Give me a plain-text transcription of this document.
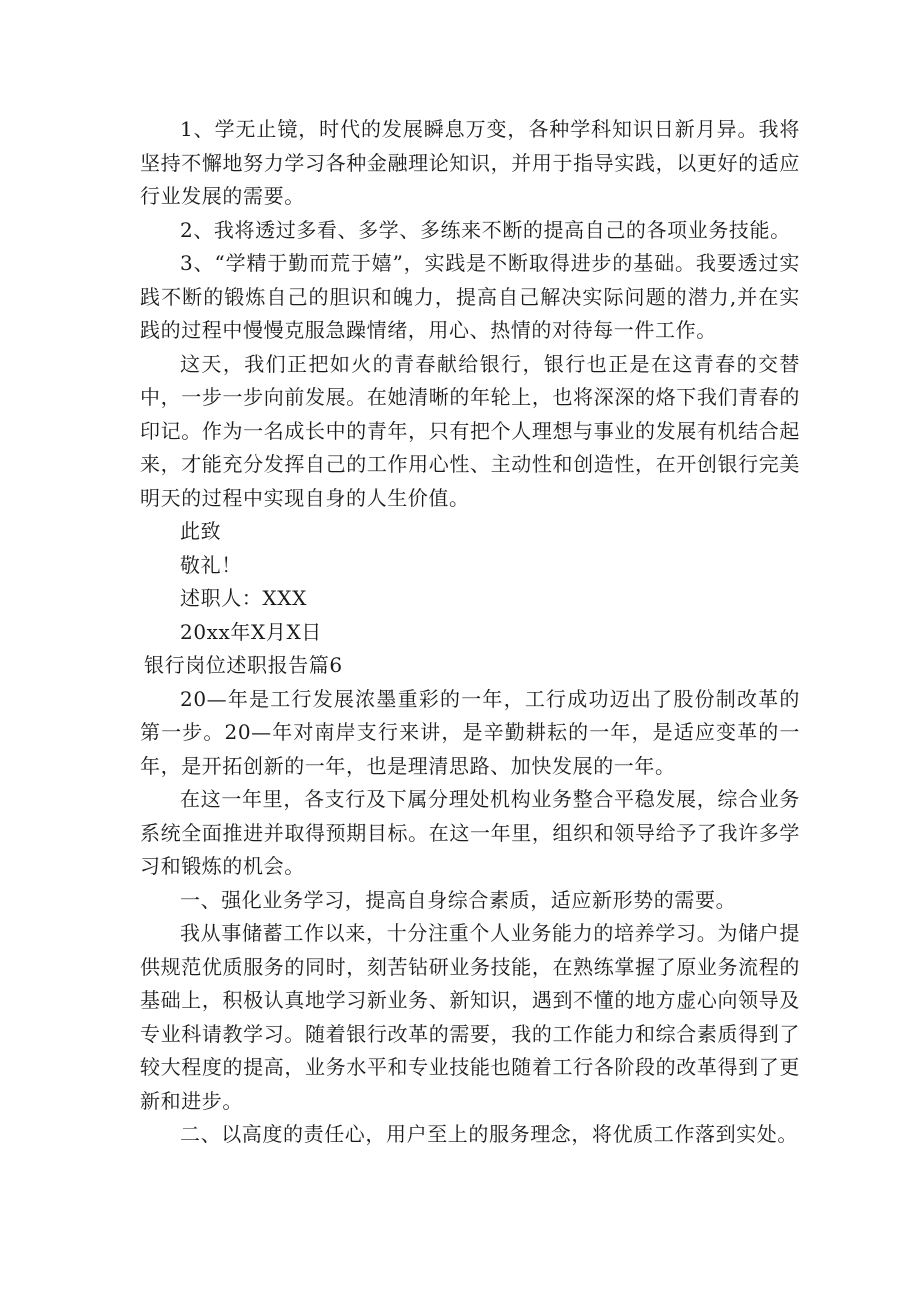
1、学无止镜，时代的发展瞬息万变，各种学科知识日新月异。我将坚持不懈地努力学习各种金融理论知识，并用于指导实践，以更好的适应行业发展的需要。

2、我将透过多看、多学、多练来不断的提高自己的各项业务技能。

3、“学精于勤而荒于嬉”，实践是不断取得进步的基础。我要透过实践不断的锻炼自己的胆识和魄力，提高自己解决实际问题的潜力,并在实践的过程中慢慢克服急躁情绪，用心、热情的对待每一件工作。

这天，我们正把如火的青春献给银行，银行也正是在这青春的交替中，一步一步向前发展。在她清晰的年轮上，也将深深的烙下我们青春的印记。作为一名成长中的青年，只有把个人理想与事业的发展有机结合起来，才能充分发挥自己的工作用心性、主动性和创造性，在开创银行完美明天的过程中实现自身的人生价值。

此致

敬礼！

述职人：XXX

20xx年X月X日

银行岗位述职报告篇6

20—年是工行发展浓墨重彩的一年，工行成功迈出了股份制改革的第一步。20—年对南岸支行来讲，是辛勤耕耘的一年，是适应变革的一年，是开拓创新的一年，也是理清思路、加快发展的一年。

在这一年里，各支行及下属分理处机构业务整合平稳发展，综合业务系统全面推进并取得预期目标。在这一年里，组织和领导给予了我许多学习和锻炼的机会。

一、强化业务学习，提高自身综合素质，适应新形势的需要。

我从事储蓄工作以来，十分注重个人业务能力的培养学习。为储户提供规范优质服务的同时，刻苦钻研业务技能，在熟练掌握了原业务流程的基础上，积极认真地学习新业务、新知识，遇到不懂的地方虚心向领导及专业科请教学习。随着银行改革的需要，我的工作能力和综合素质得到了较大程度的提高，业务水平和专业技能也随着工行各阶段的改革得到了更新和进步。

二、以高度的责任心，用户至上的服务理念，将优质工作落到实处。
